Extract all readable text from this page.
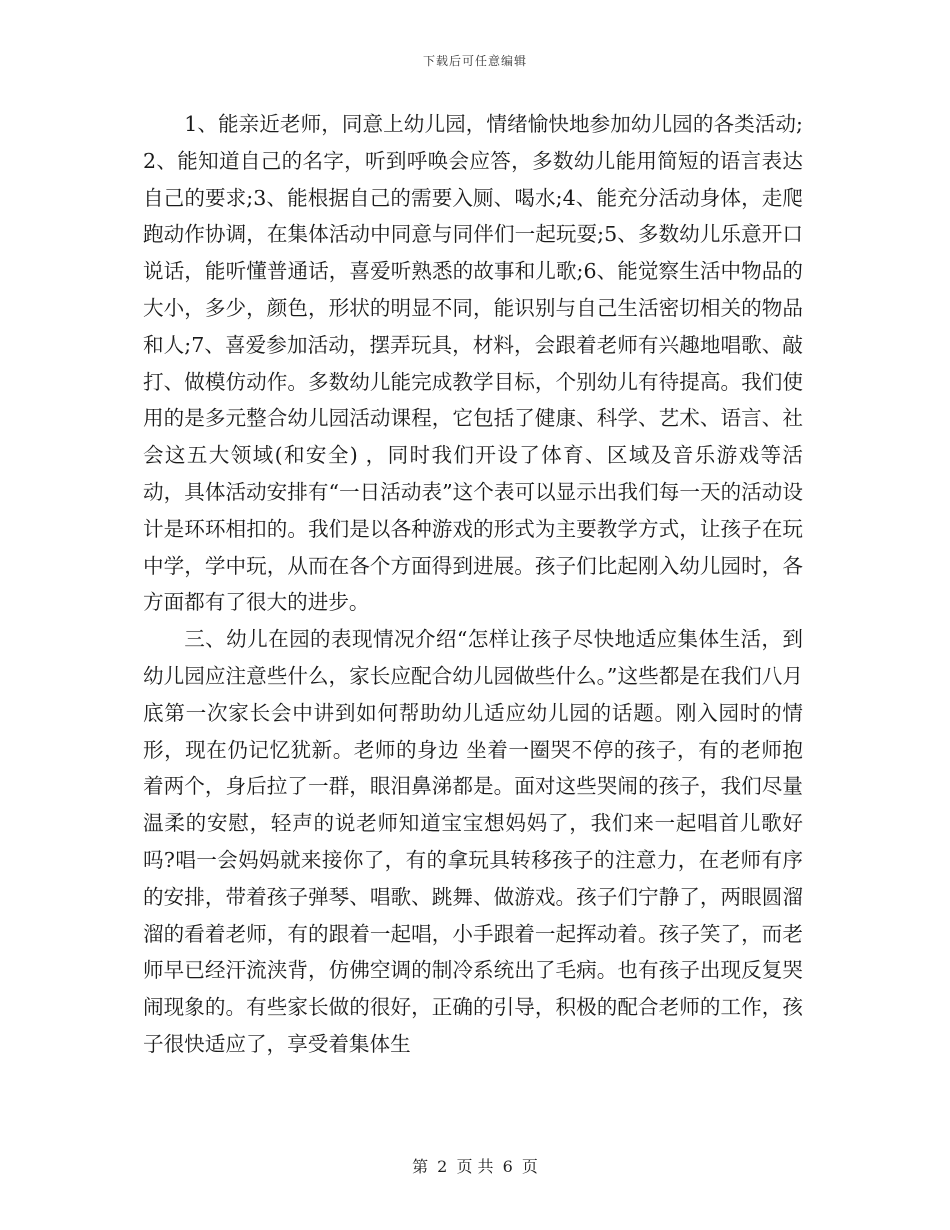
下载后可任意编辑

1、能亲近老师，同意上幼儿园，情绪愉快地参加幼儿园的各类活动;2、能知道自己的名字，听到呼唤会应答，多数幼儿能用简短的语言表达自己的要求;3、能根据自己的需要入厕、喝水;4、能充分活动身体，走爬跑动作协调，在集体活动中同意与同伴们一起玩耍;5、多数幼儿乐意开口说话，能听懂普通话，喜爱听熟悉的故事和儿歌;6、能觉察生活中物品的大小，多少，颜色，形状的明显不同，能识别与自己生活密切相关的物品和人;7、喜爱参加活动，摆弄玩具，材料，会跟着老师有兴趣地唱歌、敲打、做模仿动作。多数幼儿能完成教学目标，个别幼儿有待提高。我们使用的是多元整合幼儿园活动课程，它包括了健康、科学、艺术、语言、社会这五大领域(和安全) ，同时我们开设了体育、区域及音乐游戏等活动，具体活动安排有“一日活动表”这个表可以显示出我们每一天的活动设计是环环相扣的。我们是以各种游戏的形式为主要教学方式，让孩子在玩中学，学中玩，从而在各个方面得到进展。孩子们比起刚入幼儿园时，各方面都有了很大的进步。

三、幼儿在园的表现情况介绍“怎样让孩子尽快地适应集体生活，到幼儿园应注意些什么，家长应配合幼儿园做些什么。”这些都是在我们八月底第一次家长会中讲到如何帮助幼儿适应幼儿园的话题。刚入园时的情形，现在仍记忆犹新。老师的身边 坐着一圈哭不停的孩子，有的老师抱着两个，身后拉了一群，眼泪鼻涕都是。面对这些哭闹的孩子，我们尽量温柔的安慰，轻声的说老师知道宝宝想妈妈了，我们来一起唱首儿歌好吗?唱一会妈妈就来接你了，有的拿玩具转移孩子的注意力，在老师有序的安排，带着孩子弹琴、唱歌、跳舞、做游戏。孩子们宁静了，两眼圆溜溜的看着老师，有的跟着一起唱，小手跟着一起挥动着。孩子笑了，而老师早已经汗流浃背，仿佛空调的制冷系统出了毛病。也有孩子出现反复哭闹现象的。有些家长做的很好，正确的引导，积极的配合老师的工作，孩子很快适应了，享受着集体生

第 2 页 共 6 页
